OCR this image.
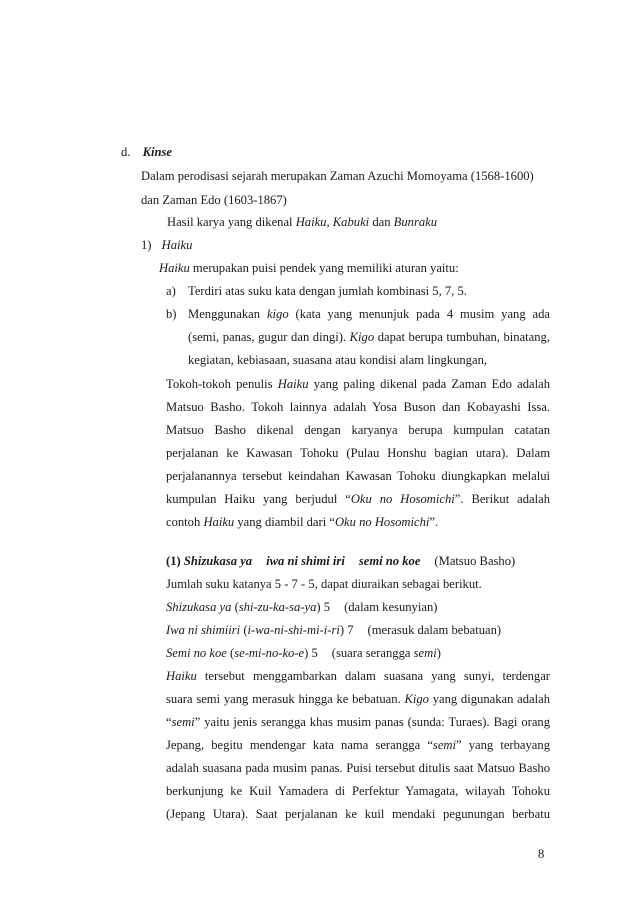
d. Kinse
Dalam perodisasi sejarah merupakan Zaman Azuchi Momoyama (1568-1600)
dan Zaman Edo (1603-1867)
Hasil karya yang dikenal Haiku, Kabuki dan Bunraku
1) Haiku
Haiku merupakan puisi pendek yang memiliki aturan yaitu:
a) Terdiri atas suku kata dengan jumlah kombinasi 5, 7, 5.
b) Menggunakan kigo (kata yang menunjuk pada 4 musim yang ada
(semi, panas, gugur dan dingi). Kigo dapat berupa tumbuhan, binatang,
kegiatan, kebiasaan, suasana atau kondisi alam lingkungan,
Tokoh-tokoh penulis Haiku yang paling dikenal pada Zaman Edo adalah
Matsuo Basho. Tokoh lainnya adalah Yosa Buson dan Kobayashi Issa.
Matsuo Basho dikenal dengan karyanya berupa kumpulan catatan
perjalanan ke Kawasan Tohoku (Pulau Honshu bagian utara). Dalam
perjalanannya tersebut keindahan Kawasan Tohoku diungkapkan melalui
kumpulan Haiku yang berjudul “Oku no Hosomichi”. Berikut adalah
contoh Haiku yang diambil dari “Oku no Hosomichi”.
(1) Shizukasa ya iwa ni shimi iri semi no koe (Matsuo Basho)
Jumlah suku katanya 5 - 7 - 5, dapat diuraikan sebagai berikut.
Shizukasa ya (shi-zu-ka-sa-ya) 5 (dalam kesunyian)
Iwa ni shimiiri (i-wa-ni-shi-mi-i-ri) 7 (merasuk dalam bebatuan)
Semi no koe (se-mi-no-ko-e) 5 (suara serangga semi)
Haiku tersebut menggambarkan dalam suasana yang sunyi, terdengar
suara semi yang merasuk hingga ke bebatuan. Kigo yang digunakan adalah
“semi” yaitu jenis serangga khas musim panas (sunda: Turaes). Bagi orang
Jepang, begitu mendengar kata nama serangga “semi” yang terbayang
adalah suasana pada musim panas. Puisi tersebut ditulis saat Matsuo Basho
berkunjung ke Kuil Yamadera di Perfektur Yamagata, wilayah Tohoku
(Jepang Utara). Saat perjalanan ke kuil mendaki pegunungan berbatu
8
